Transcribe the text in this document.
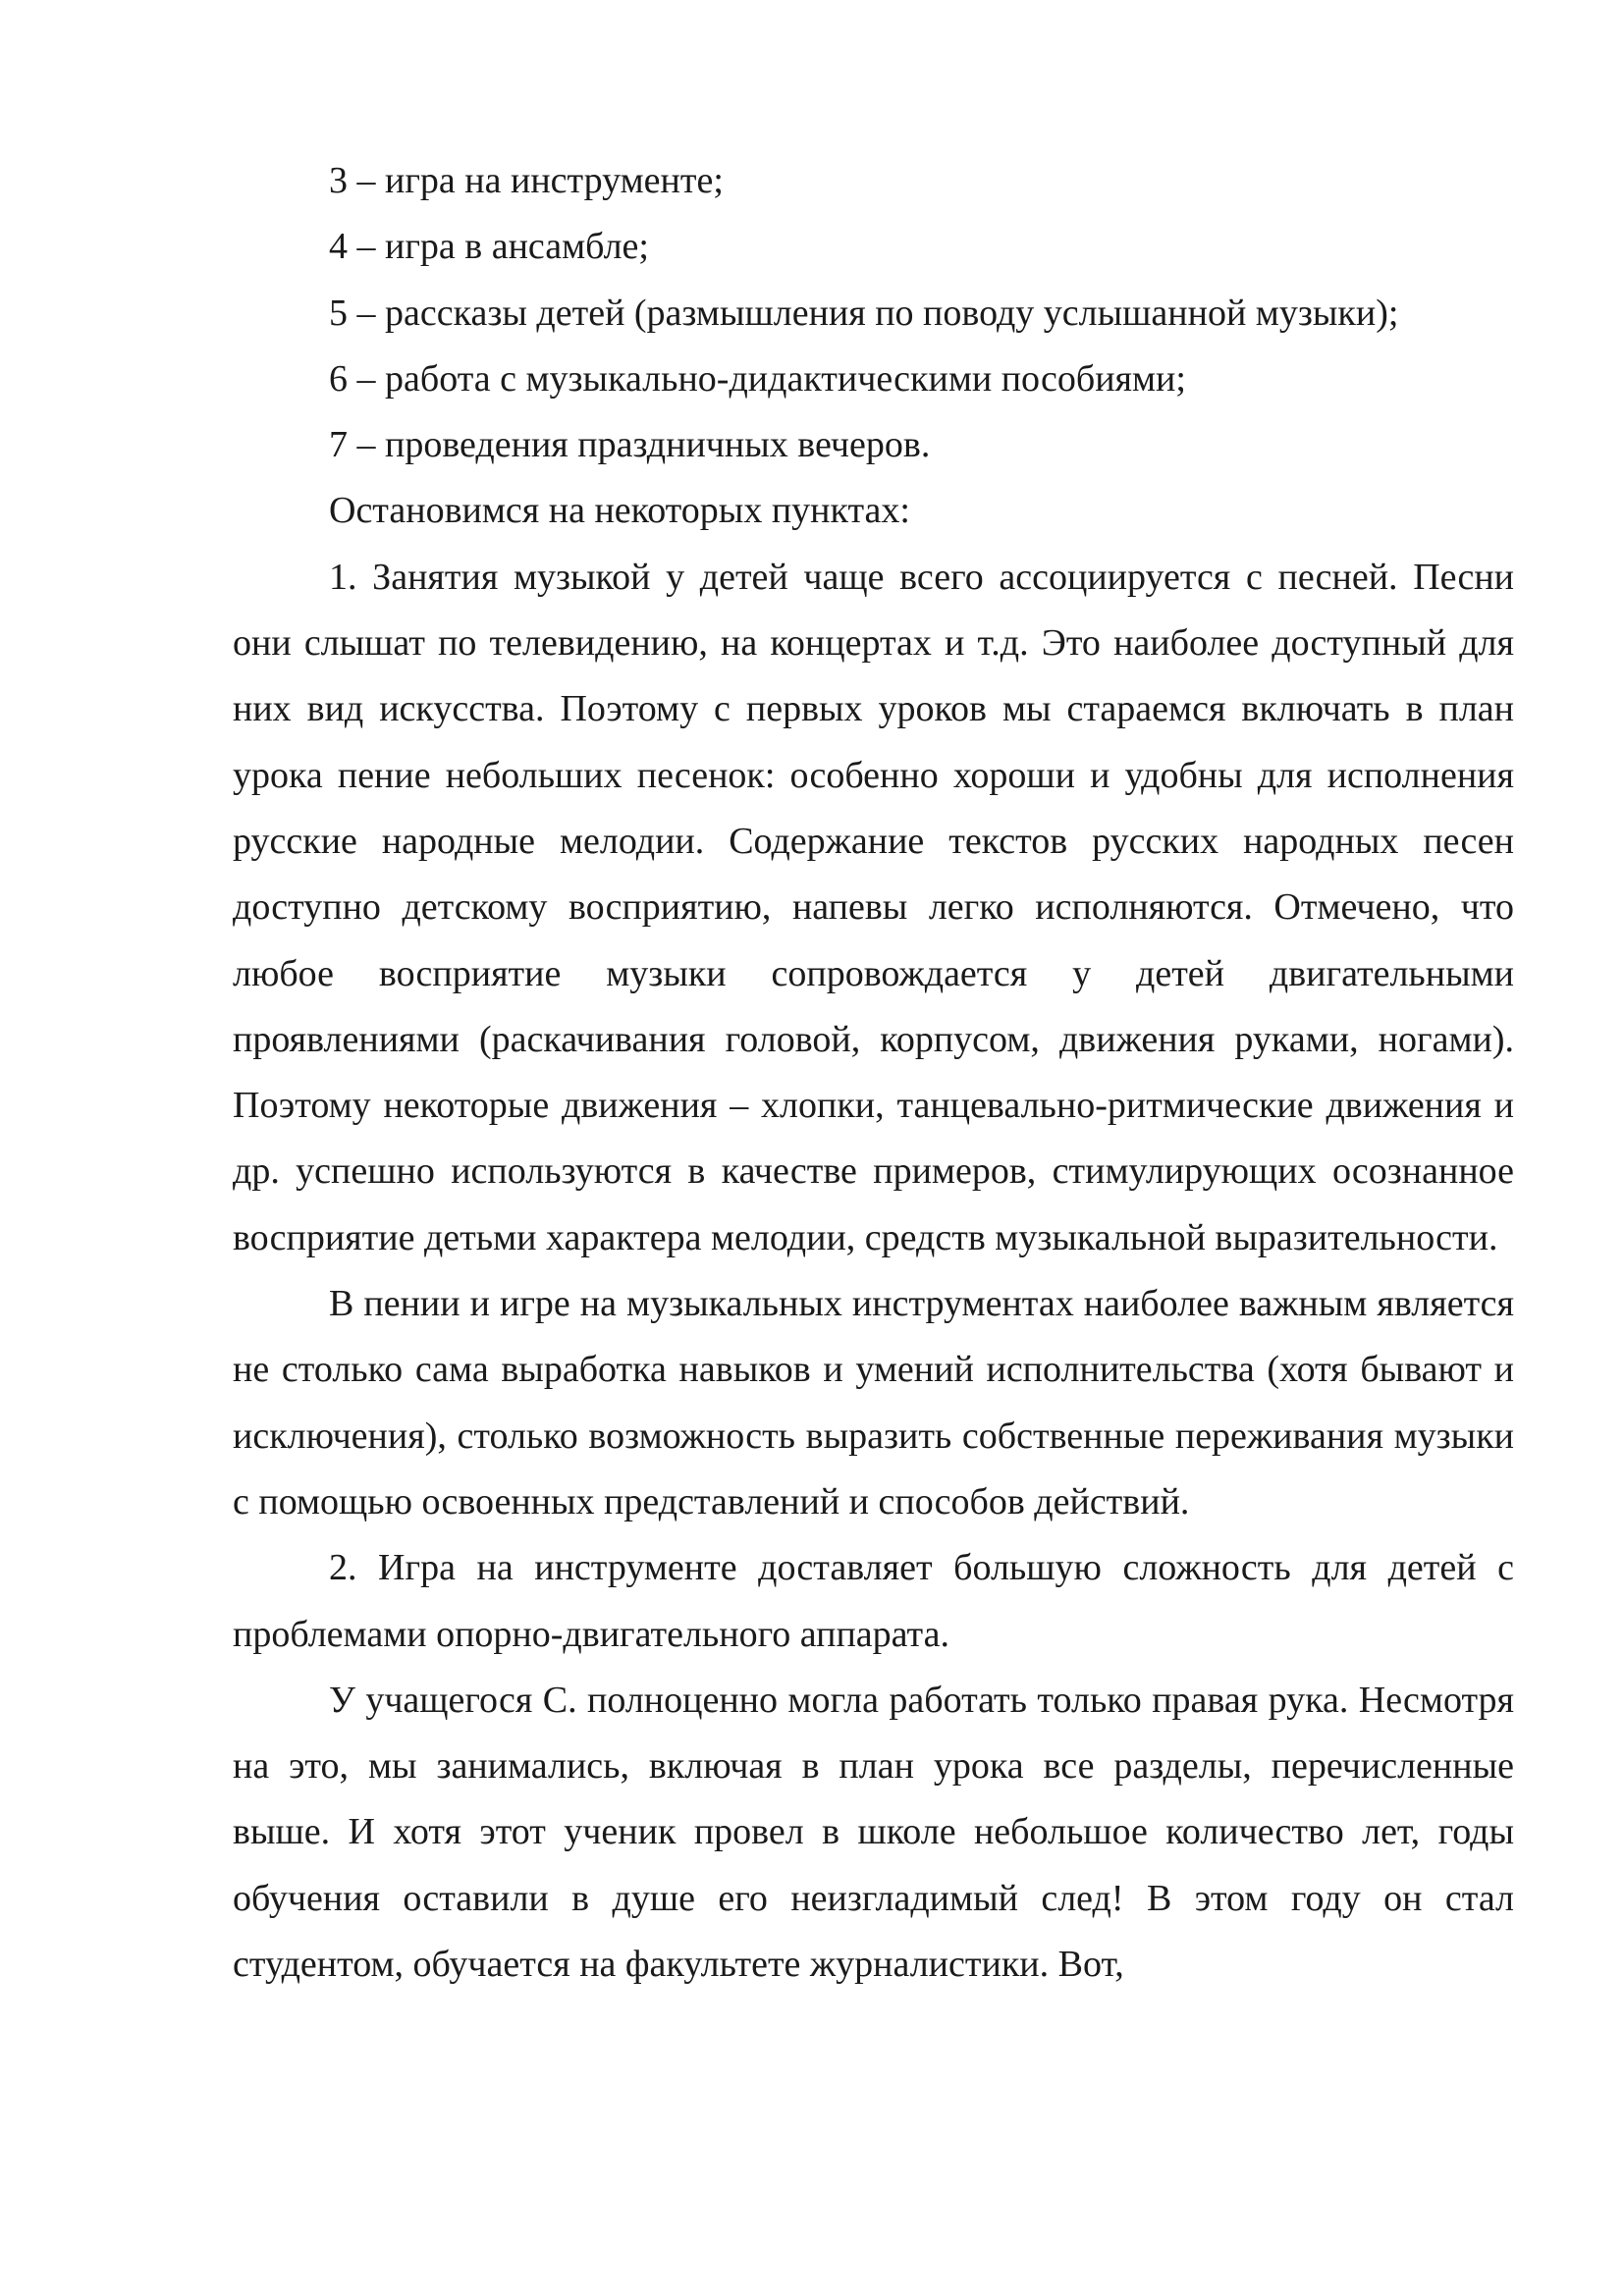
3 – игра на инструменте;

4 – игра в ансамбле;

5 – рассказы детей (размышления по поводу услышанной музыки);

6 – работа с музыкально-дидактическими пособиями;

7 – проведения праздничных вечеров.

Остановимся на некоторых пунктах:

1. Занятия музыкой у детей чаще всего ассоциируется с песней. Песни они слышат по телевидению, на концертах и т.д. Это наиболее доступный для них вид искусства. Поэтому с первых уроков мы стараемся включать в план урока пение небольших песенок: особенно хороши и удобны для исполнения русские народные мелодии. Содержание текстов русских народных песен доступно детскому восприятию, напевы легко исполняются. Отмечено, что любое восприятие музыки сопровождается у детей двигательными проявлениями (раскачивания головой, корпусом, движения руками, ногами). Поэтому некоторые движения – хлопки, танцевально-ритмические движения и др. успешно используются в качестве примеров, стимулирующих осознанное восприятие детьми характера мелодии, средств музыкальной выразительности.

В пении и игре на музыкальных инструментах наиболее важным является не столько сама выработка навыков и умений исполнительства (хотя бывают и исключения), столько возможность выразить собственные переживания музыки с помощью освоенных представлений и способов действий.

2. Игра на инструменте доставляет большую сложность для детей с проблемами опорно-двигательного аппарата.

У учащегося С. полноценно могла работать только правая рука. Несмотря на это, мы занимались, включая в план урока все разделы, перечисленные выше. И хотя этот ученик провел в школе небольшое количество лет, годы обучения оставили в душе его неизгладимый след! В этом году он стал студентом, обучается на факультете журналистики. Вот,
